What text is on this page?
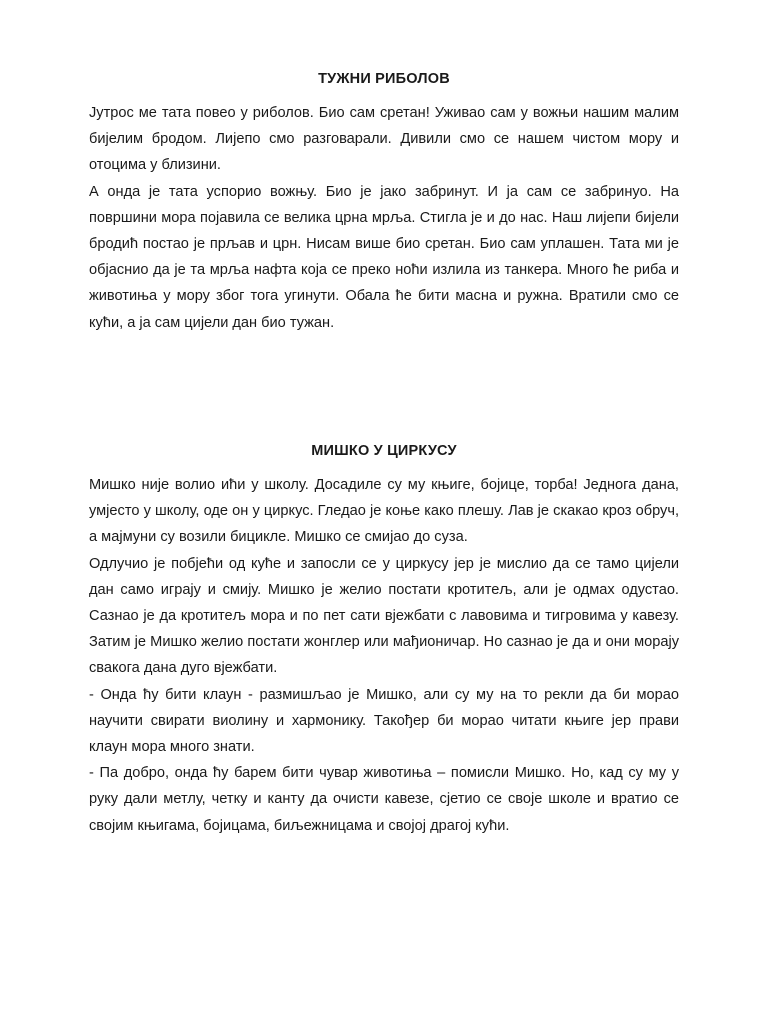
ТУЖНИ РИБОЛОВ

Јутрос ме тата повео у риболов. Био сам сретан! Уживао сам у вожњи нашим малим бијелим бродом. Лијепо смо разговарали. Дивили смо се нашем чистом мору и отоцима у близини.

А онда је тата успорио вожњу. Био је јако забринут. И ја сам се забринуо. На површини мора појавила се велика црна мрља. Стигла је и до нас. Наш лијепи бијели бродић постао је прљав и црн. Нисам више био сретан. Био сам уплашен. Тата ми је објаснио да је та мрља нафта која се преко ноћи излила из танкера. Много ће риба и животиња у мору због тога угинути. Обала ће бити масна и ружна. Вратили смо се кући, а ја сам цијели дан био тужан.

МИШКО У ЦИРКУСУ

Мишко није волио ићи у школу. Досадиле су му књиге, бојице, торба! Једнога дана, умјесто у школу, оде он у циркус. Гледао је коње како плешу. Лав је скакао кроз обруч, а мајмуни су возили бицикле. Мишко се смијао до суза.

Одлучио је побјећи од куће и запосли се у циркусу јер је мислио да се тамо цијели дан само играју и смију. Мишко је желио постати кротитељ, али је одмах одустао. Сазнао је да кротитељ мора и по пет сати вјежбати с лавовима и тигровима у кавезу. Затим је Мишко желио постати жонглер или мађионичар. Но сазнао је да и они морају свакога дана дуго вјежбати.

- Онда ћу бити клаун - размишљао је Мишко, али су му на то рекли да би морао научити свирати виолину и хармонику. Такођер би морао читати књиге јер прави клаун мора много знати.

- Па добро, онда ћу барем бити чувар животиња – помисли Мишко. Но, кад су му у руку дали метлу, четку и канту да очисти кавезе, сјетио се своје школе и вратио се својим књигама, бојицама, биљежницама и својој драгој кући.
